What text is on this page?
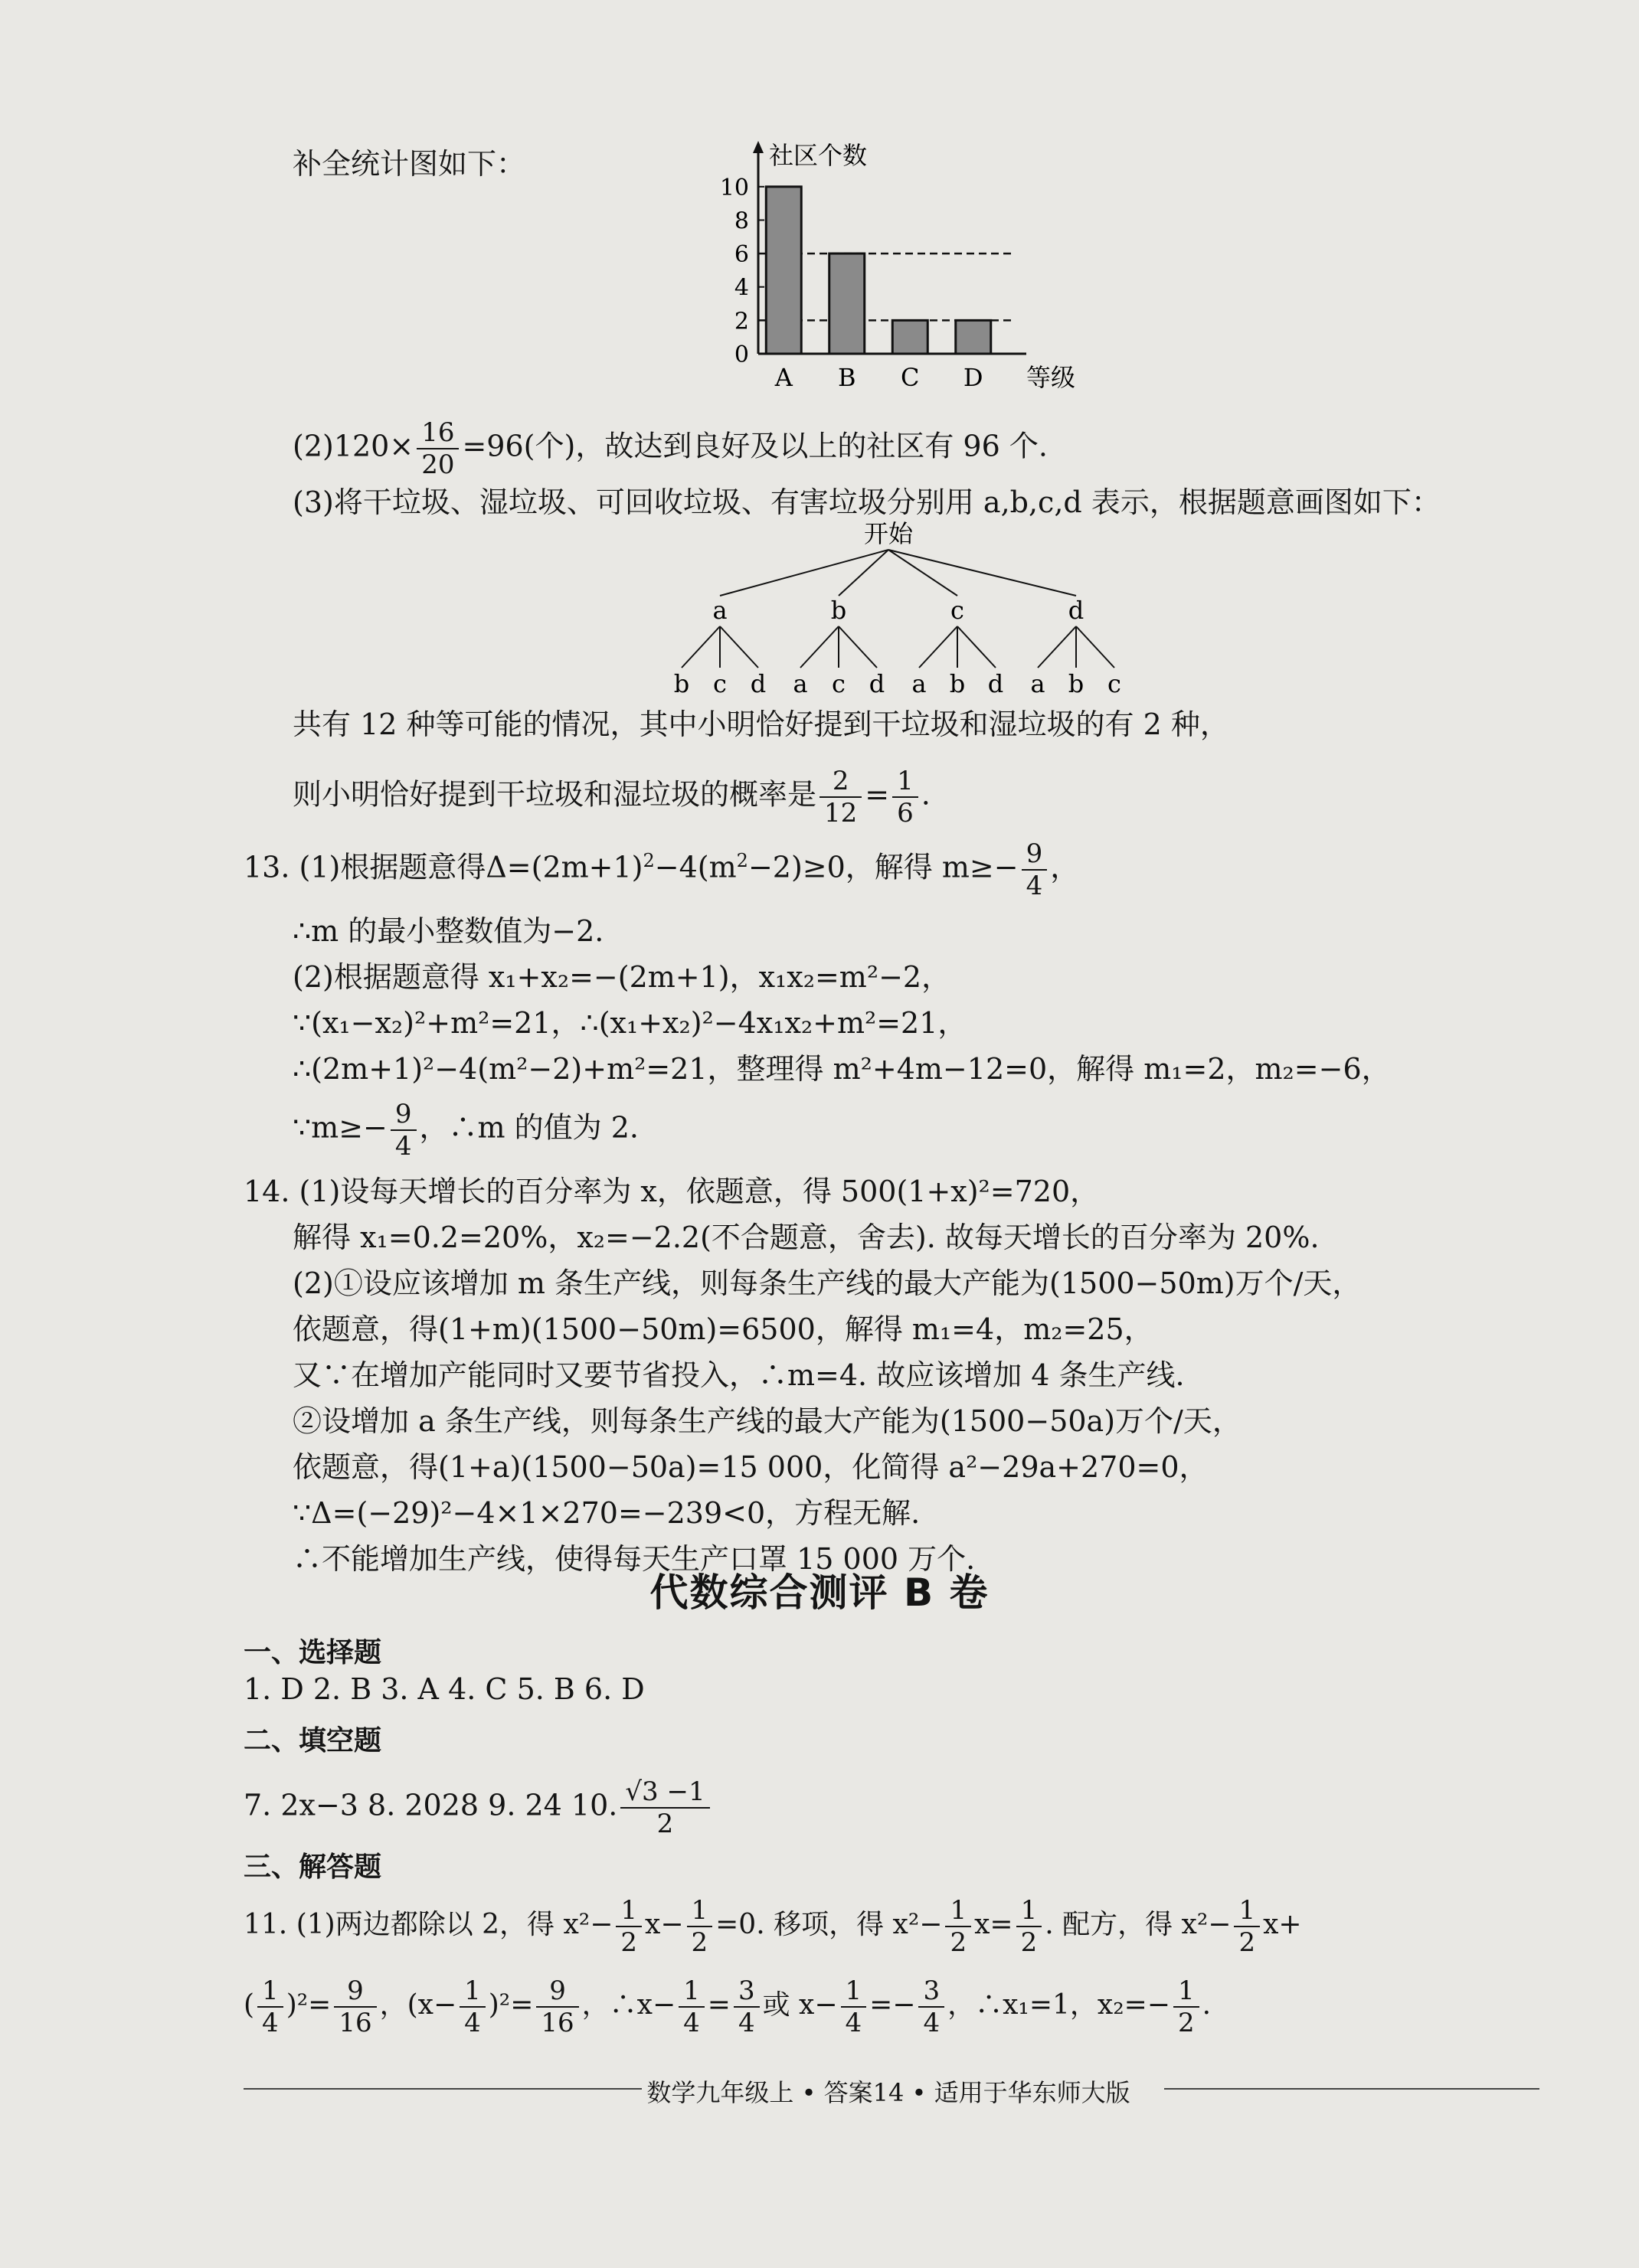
补全统计图如下：	社区个数
等级
0
2
4
6
8
10
A B C D
$(2)120\times \frac{16}{20} =96$(个)，故达到良好及以上的社区有 96 个.
(3)将干垃圾、湿垃圾、可回收垃圾、有害垃圾分别用 a,b,c,d 表示，根据题意画图如下：
开始
a
b c d
b
a c d
c
a b d
d
a b c
共有 12 种等可能的情况，其中小明恰好提到干垃圾和湿垃圾的有 2 种，
则小明恰好提到干垃圾和湿垃圾的概率是 $\frac{2}{12} = \frac{1}{6}$ .
13. (1)根据题意得$\Delta=(2m+1)^2-4(m^2-2)\ge 0$，解得 $m\ge- \frac{9}{4}$ ，
∴m 的最小整数值为−2.
(2)根据题意得 x₁+x₂=−(2m+1)，x₁x₂=m²−2，
∵(x₁−x₂)²+m²=21，∴(x₁+x₂)²−4x₁x₂+m²=21，
∴(2m+1)²−4(m²−2)+m²=21，整理得 m²+4m−12=0，解得 m₁=2，m₂=−6，
∵m≥− $\frac{9}{4}$ ，∴m 的值为 2.
14. (1)设每天增长的百分率为 x，依题意，得 500(1+x)²=720，
解得 x₁=0.2=20%，x₂=−2.2(不合题意，舍去). 故每天增长的百分率为 20%.
(2)①设应该增加 m 条生产线，则每条生产线的最大产能为(1500−50m)万个/天，
依题意，得(1+m)(1500−50m)=6500，解得 m₁=4，m₂=25，
又∵在增加产能同时又要节省投入，∴m=4. 故应该增加 4 条生产线.
②设增加 a 条生产线，则每条生产线的最大产能为(1500−50a)万个/天，
依题意，得(1+a)(1500−50a)=15 000，化简得 a²−29a+270=0，
∵Δ=(−29)²−4×1×270=−239<0，方程无解.
∴不能增加生产线，使得每天生产口罩 15 000 万个.
代数综合测评 B 卷
一、选择题
1. D 2. B 3. A 4. C 5. B 6. D
二、填空题
7. 2x−3 8. 2028 9. 24 10. $\frac{√3 -1}{2}$
三、解答题
11. (1)两边都除以 2，得 $x^2- \frac{1}{2} x- \frac{1}{2} =0$. 移项，得 $x^2- \frac{1}{2} x= \frac{1}{2}$ . 配方，得 $x^2- \frac{1}{2} x+$
( $\frac{1}{4} )^2= \frac{9}{16}$ ，$(x- \frac{1}{4} )^2= \frac{9}{16}$ ，∴x− $\frac{1}{4} = \frac{3}{4}$ 或 $x- \frac{1}{4} =- \frac{3}{4}$ ，∴x₁=1，$x_2=- \frac{1}{2}$ .
数学九年级上 • 答案14 • 适用于华东师大版
